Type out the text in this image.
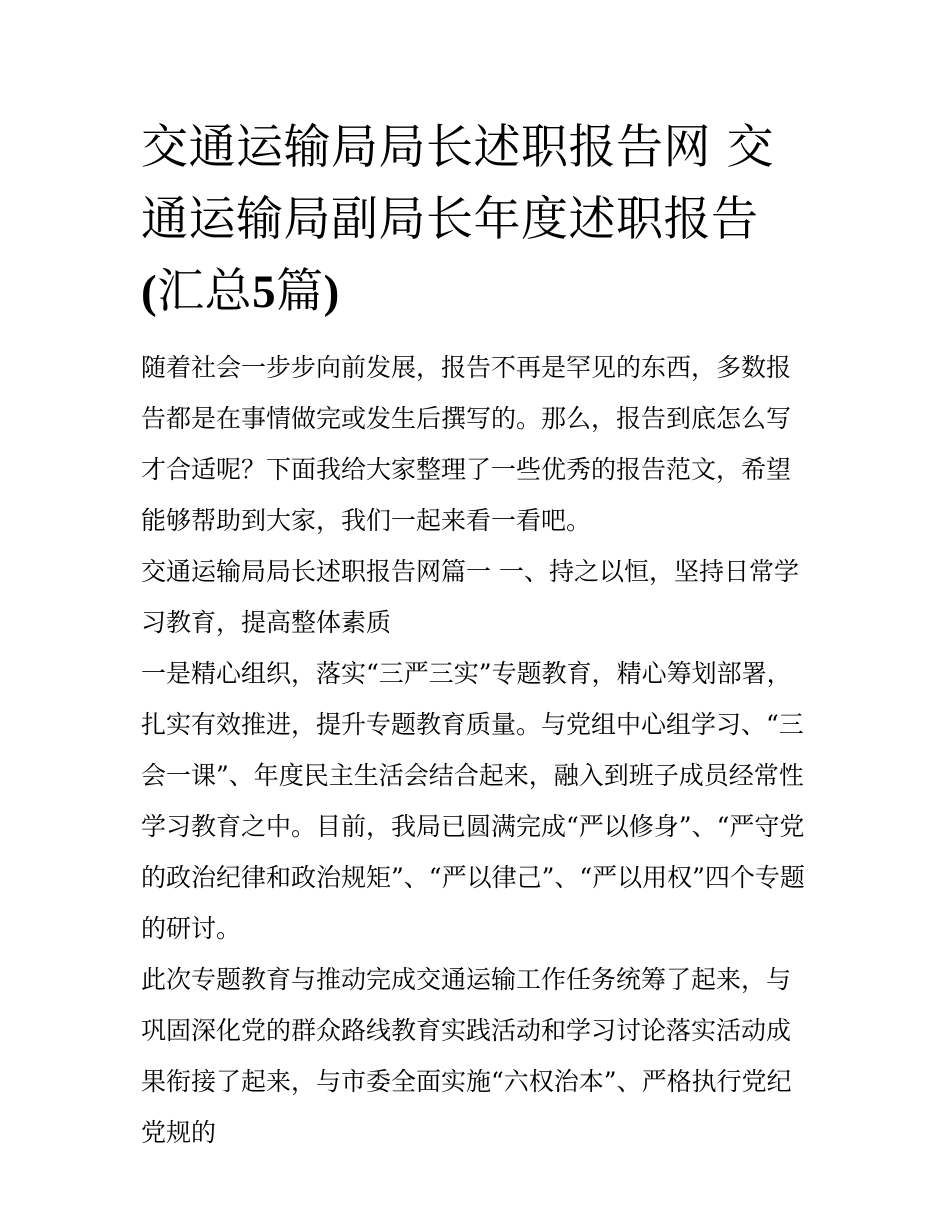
交通运输局局长述职报告网 交通运输局副局长年度述职报告
(汇总5篇)

随着社会一步步向前发展，报告不再是罕见的东西，多数报告都是在事情做完或发生后撰写的。那么，报告到底怎么写才合适呢？下面我给大家整理了一些优秀的报告范文，希望能够帮助到大家，我们一起来看一看吧。

交通运输局局长述职报告网篇一 一、持之以恒，坚持日常学习教育，提高整体素质

一是精心组织，落实“三严三实”专题教育，精心筹划部署，扎实有效推进，提升专题教育质量。与党组中心组学习、“三会一课”、年度民主生活会结合起来，融入到班子成员经常性学习教育之中。目前，我局已圆满完成“严以修身”、“严守党的政治纪律和政治规矩”、“严以律己”、“严以用权”四个专题的研讨。

此次专题教育与推动完成交通运输工作任务统筹了起来，与巩固深化党的群众路线教育实践活动和学习讨论落实活动成果衔接了起来，与市委全面实施“六权治本”、严格执行党纪党规的
